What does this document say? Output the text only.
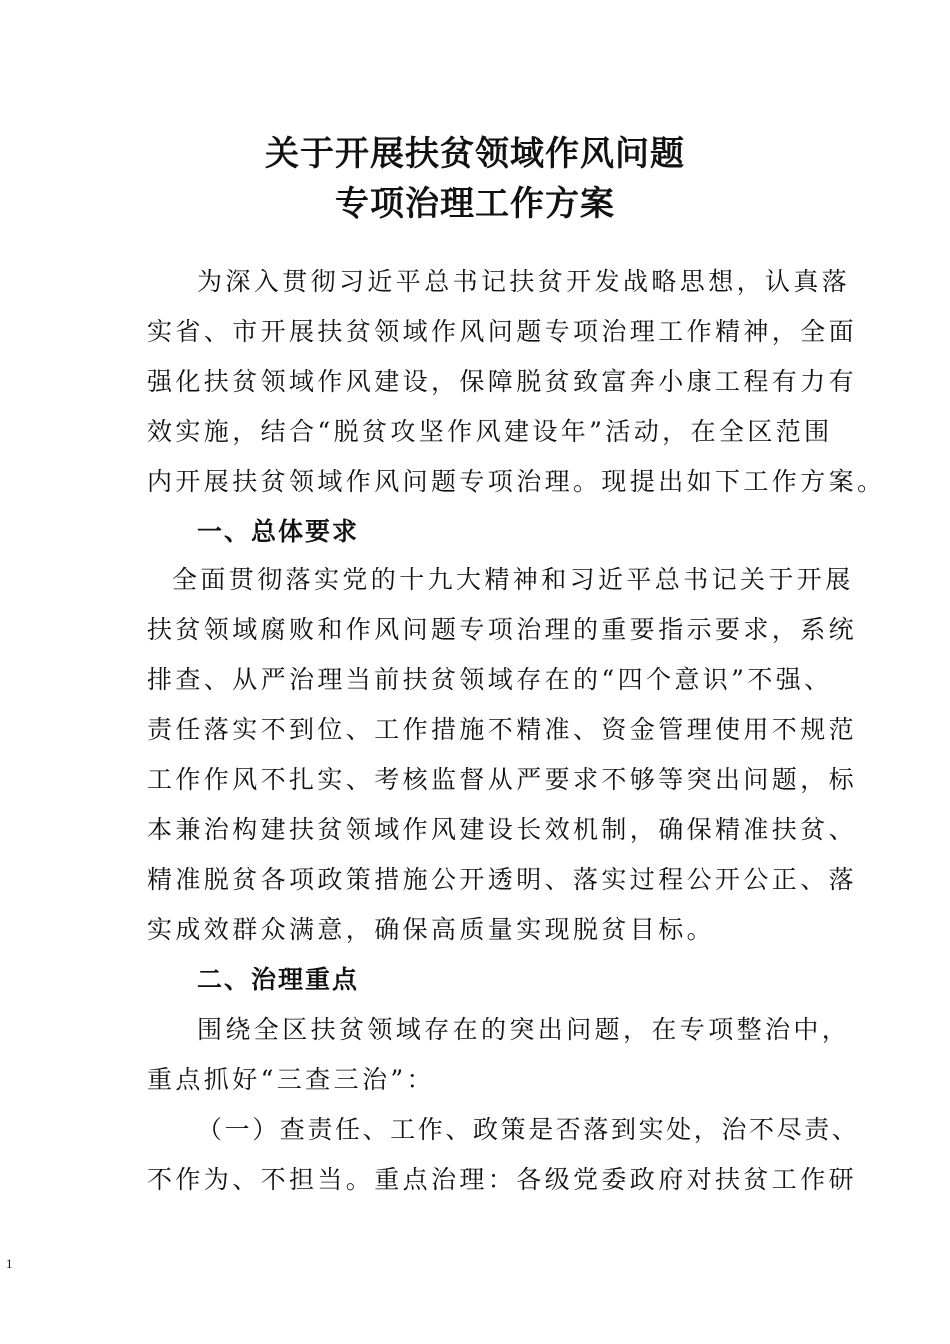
关于开展扶贫领域作风问题
专项治理工作方案

为深入贯彻习近平总书记扶贫开发战略思想，认真落

实省、市开展扶贫领域作风问题专项治理工作精神，全面

强化扶贫领域作风建设，保障脱贫致富奔小康工程有力有

效实施，结合“脱贫攻坚作风建设年”活动，在全区范围

内开展扶贫领域作风问题专项治理。现提出如下工作方案。

一、总体要求

全面贯彻落实党的十九大精神和习近平总书记关于开展

扶贫领域腐败和作风问题专项治理的重要指示要求，系统

排查、从严治理当前扶贫领域存在的“四个意识”不强、

责任落实不到位、工作措施不精准、资金管理使用不规范

工作作风不扎实、考核监督从严要求不够等突出问题，标

本兼治构建扶贫领域作风建设长效机制，确保精准扶贫、

精准脱贫各项政策措施公开透明、落实过程公开公正、落

实成效群众满意，确保高质量实现脱贫目标。

二、治理重点

围绕全区扶贫领域存在的突出问题，在专项整治中，

重点抓好“三查三治”：

（一）查责任、工作、政策是否落到实处，治不尽责、

不作为、不担当。重点治理：各级党委政府对扶贫工作研

1
